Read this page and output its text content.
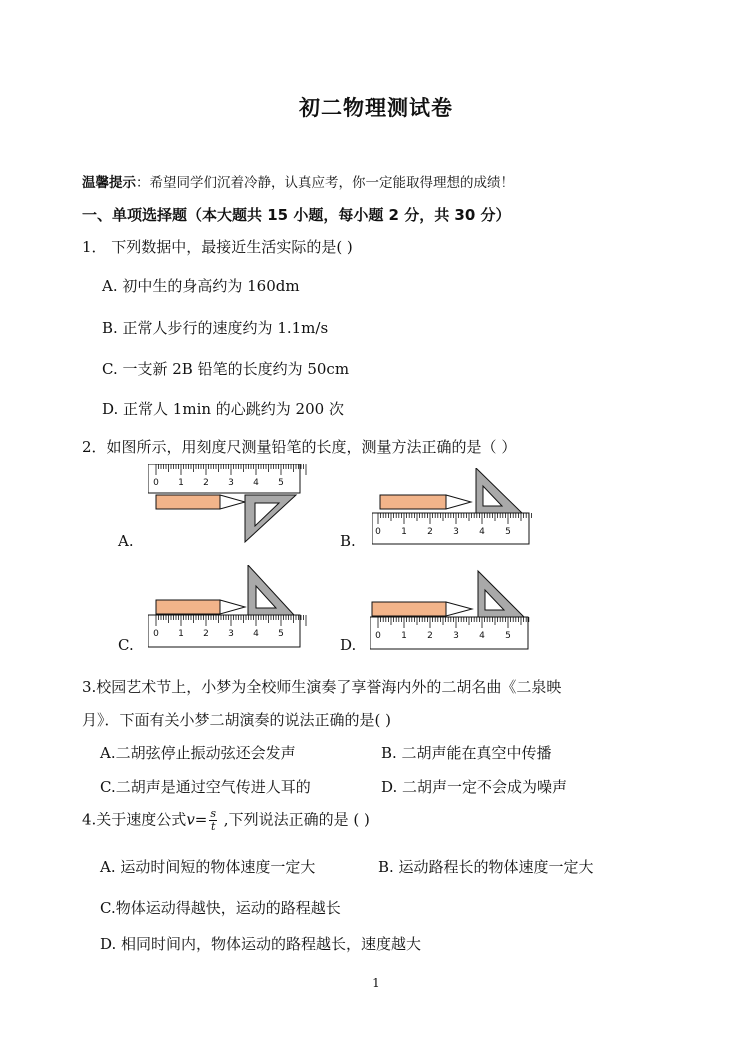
初二物理测试卷
温馨提示：希望同学们沉着冷静，认真应考，你一定能取得理想的成绩！
一、单项选择题（本大题共 15 小题，每小题 2 分，共 30 分）
1． 下列数据中，最接近生活实际的是( )
A. 初中生的身高约为 160dm
B. 正常人步行的速度约为 1.1m/s
C. 一支新 2B 铅笔的长度约为 50cm
D. 正常人 1min 的心跳约为 200 次
2．如图所示，用刻度尺测量铅笔的长度，测量方法正确的是（ ）
0 1 2 3 4 5
A.	0 1 2 3 4 5
B.
0 1 2 3 4 5
C.	0 1 2 3 4 5
D.
3.校园艺术节上，小梦为全校师生演奏了享誉海内外的二胡名曲《二泉映
月》．下面有关小梦二胡演奏的说法正确的是( )
A.二胡弦停止振动弦还会发声	B. 二胡声能在真空中传播
C.二胡声是通过空气传进人耳的	D. 二胡声一定不会成为噪声
4.关于速度公式$v= \frac{s}{t}$ ,下列说法正确的是 ( )
A. 运动时间短的物体速度一定大	B. 运动路程长的物体速度一定大
C.物体运动得越快，运动的路程越长
D. 相同时间内，物体运动的路程越长，速度越大
1
